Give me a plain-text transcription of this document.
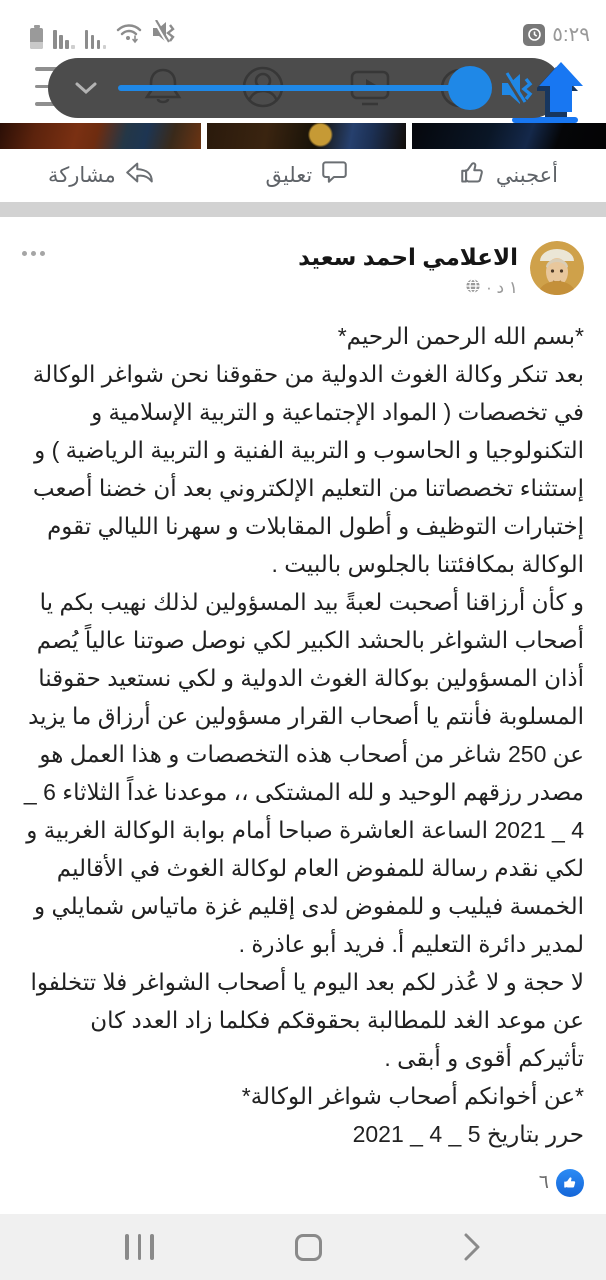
٥:٢٩
أعجبني
تعليق
مشاركة
الاعلامي احمد سعيد
١ د ·

*بسم الله الرحمن الرحيم*

بعد تنكر وكالة الغوث الدولية من حقوقنا نحن شواغر الوكالة في تخصصات ( المواد الإجتماعية و التربية الإسلامية و التكنولوجيا و الحاسوب و التربية الفنية و التربية الرياضية ) و إستثناء تخصصاتنا من التعليم الإلكتروني بعد أن خضنا أصعب إختبارات التوظيف و أطول المقابلات و سهرنا الليالي تقوم الوكالة بمكافئتنا بالجلوس بالبيت .

و كأن أرزاقنا أصحبت لعبةً بيد المسؤولين لذلك نهيب بكم يا أصحاب الشواغر بالحشد الكبير لكي نوصل صوتنا عالياً يُصم أذان المسؤولين بوكالة الغوث الدولية و لكي نستعيد حقوقنا المسلوبة فأنتم يا أصحاب القرار مسؤولين عن أرزاق ما يزيد عن 250 شاغر من أصحاب هذه التخصصات و هذا العمل هو مصدر رزقهم الوحيد و لله المشتكى ،، موعدنا غداً الثلاثاء 6 _ 4 _ 2021 الساعة العاشرة صباحا أمام بوابة الوكالة الغربية و لكي نقدم رسالة للمفوض العام لوكالة الغوث في الأقاليم الخمسة فيليب و للمفوض لدى إقليم غزة ماتياس شمايلي و لمدير دائرة التعليم أ. فريد أبو عاذرة .

لا حجة و لا عُذر لكم بعد اليوم يا أصحاب الشواغر فلا تتخلفوا عن موعد الغد للمطالبة بحقوقكم فكلما زاد العدد كان تأثيركم أقوى و أبقى .

*عن أخوانكم أصحاب شواغر الوكالة*

حرر بتاريخ 5 _ 4 _ 2021

٦
